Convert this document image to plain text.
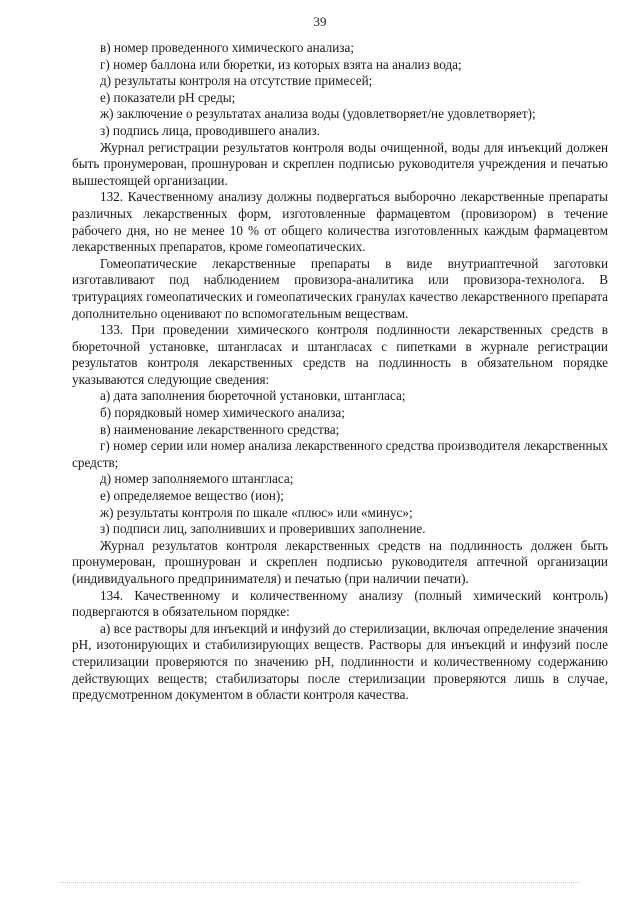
39

в) номер проведенного химического анализа;

г) номер баллона или бюретки, из которых взята на анализ вода;

д) результаты контроля на отсутствие примесей;

е) показатели pH среды;

ж) заключение о результатах анализа воды (удовлетворяет/не удовлетворяет);

з) подпись лица, проводившего анализ.

Журнал регистрации результатов контроля воды очищенной, воды для инъекций должен быть пронумерован, прошнурован и скреплен подписью руководителя учреждения и печатью вышестоящей организации.

132. Качественному анализу должны подвергаться выборочно лекарственные препараты различных лекарственных форм, изготовленные фармацевтом (провизором) в течение рабочего дня, но не менее 10 % от общего количества изготовленных каждым фармацевтом лекарственных препаратов, кроме гомеопатических.

Гомеопатические лекарственные препараты в виде внутриаптечной заготовки изготавливают под наблюдением провизора-аналитика или провизора-технолога. В тритурациях гомеопатических и гомеопатических гранулах качество лекарственного препарата дополнительно оценивают по вспомогательным веществам.

133. При проведении химического контроля подлинности лекарственных средств в бюреточной установке, штангласах и штангласах с пипетками в журнале регистрации результатов контроля лекарственных средств на подлинность в обязательном порядке указываются следующие сведения:

а) дата заполнения бюреточной установки, штангласа;

б) порядковый номер химического анализа;

в) наименование лекарственного средства;

г) номер серии или номер анализа лекарственного средства производителя лекарственных средств;

д) номер заполняемого штангласа;

е) определяемое вещество (ион);

ж) результаты контроля по шкале «плюс» или «минус»;

з) подписи лиц, заполнивших и проверивших заполнение.

Журнал результатов контроля лекарственных средств на подлинность должен быть пронумерован, прошнурован и скреплен подписью руководителя аптечной организации (индивидуального предпринимателя) и печатью (при наличии печати).

134. Качественному и количественному анализу (полный химический контроль) подвергаются в обязательном порядке:

а) все растворы для инъекций и инфузий до стерилизации, включая определение значения pH, изотонирующих и стабилизирующих веществ. Растворы для инъекций и инфузий после стерилизации проверяются по значению pH, подлинности и количественному содержанию действующих веществ; стабилизаторы после стерилизации проверяются лишь в случае, предусмотренном документом в области контроля качества.
